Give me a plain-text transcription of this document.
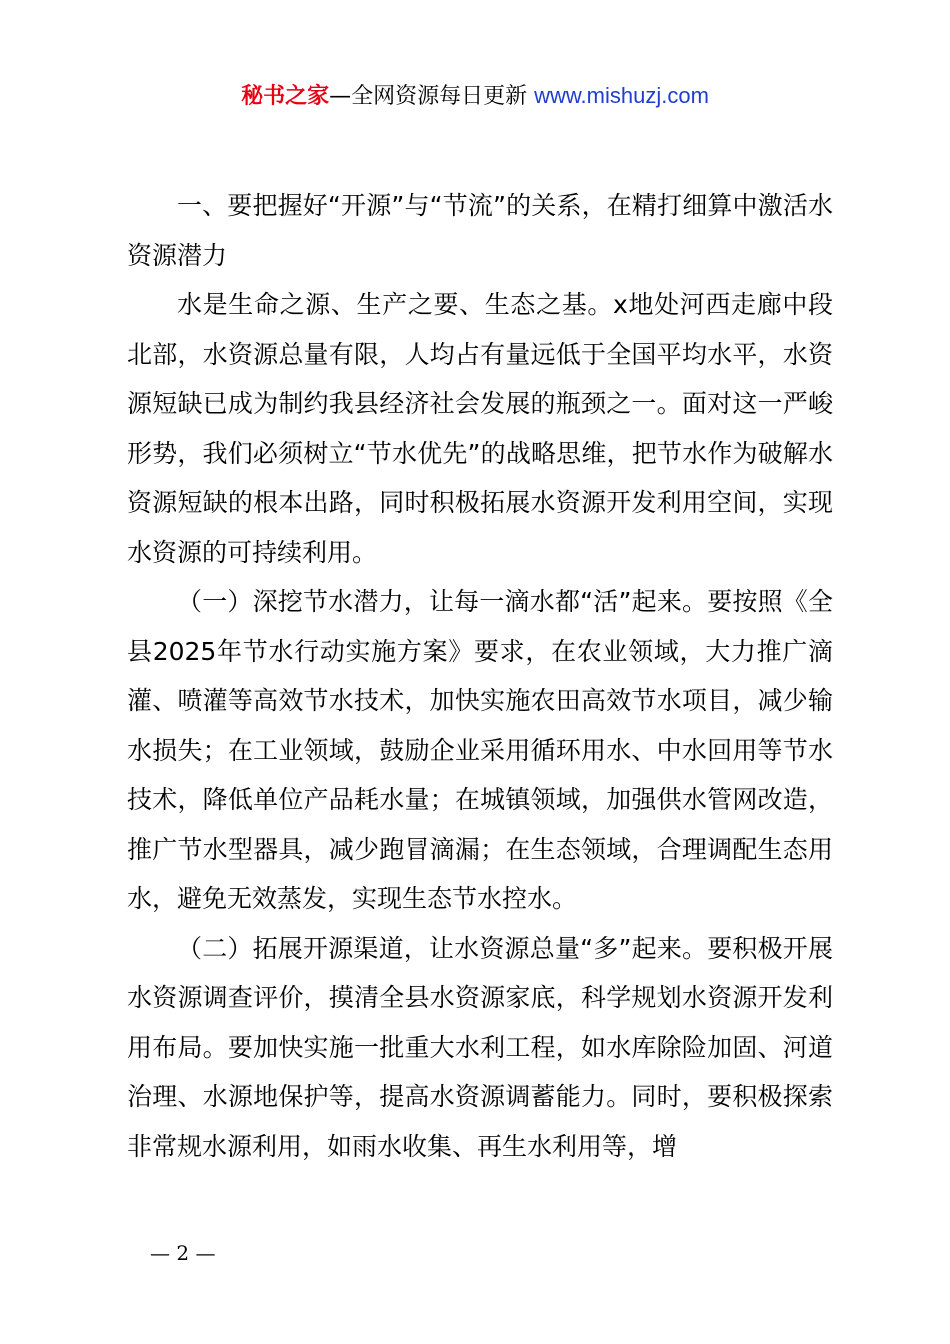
秘书之家—全网资源每日更新 www.mishuzj.com

一、要把握好“开源”与“节流”的关系，在精打细算中激活水资源潜力

水是生命之源、生产之要、生态之基。x地处河西走廊中段北部，水资源总量有限，人均占有量远低于全国平均水平，水资源短缺已成为制约我县经济社会发展的瓶颈之一。面对这一严峻形势，我们必须树立“节水优先”的战略思维，把节水作为破解水资源短缺的根本出路，同时积极拓展水资源开发利用空间，实现水资源的可持续利用。

（一）深挖节水潜力，让每一滴水都“活”起来。要按照《全县2025年节水行动实施方案》要求，在农业领域，大力推广滴灌、喷灌等高效节水技术，加快实施农田高效节水项目，减少输水损失；在工业领域，鼓励企业采用循环用水、中水回用等节水技术，降低单位产品耗水量；在城镇领域，加强供水管网改造，推广节水型器具，减少跑冒滴漏；在生态领域，合理调配生态用水，避免无效蒸发，实现生态节水控水。

（二）拓展开源渠道，让水资源总量“多”起来。要积极开展水资源调查评价，摸清全县水资源家底，科学规划水资源开发利用布局。要加快实施一批重大水利工程，如水库除险加固、河道治理、水源地保护等，提高水资源调蓄能力。同时，要积极探索非常规水源利用，如雨水收集、再生水利用等，增

— 2 —
